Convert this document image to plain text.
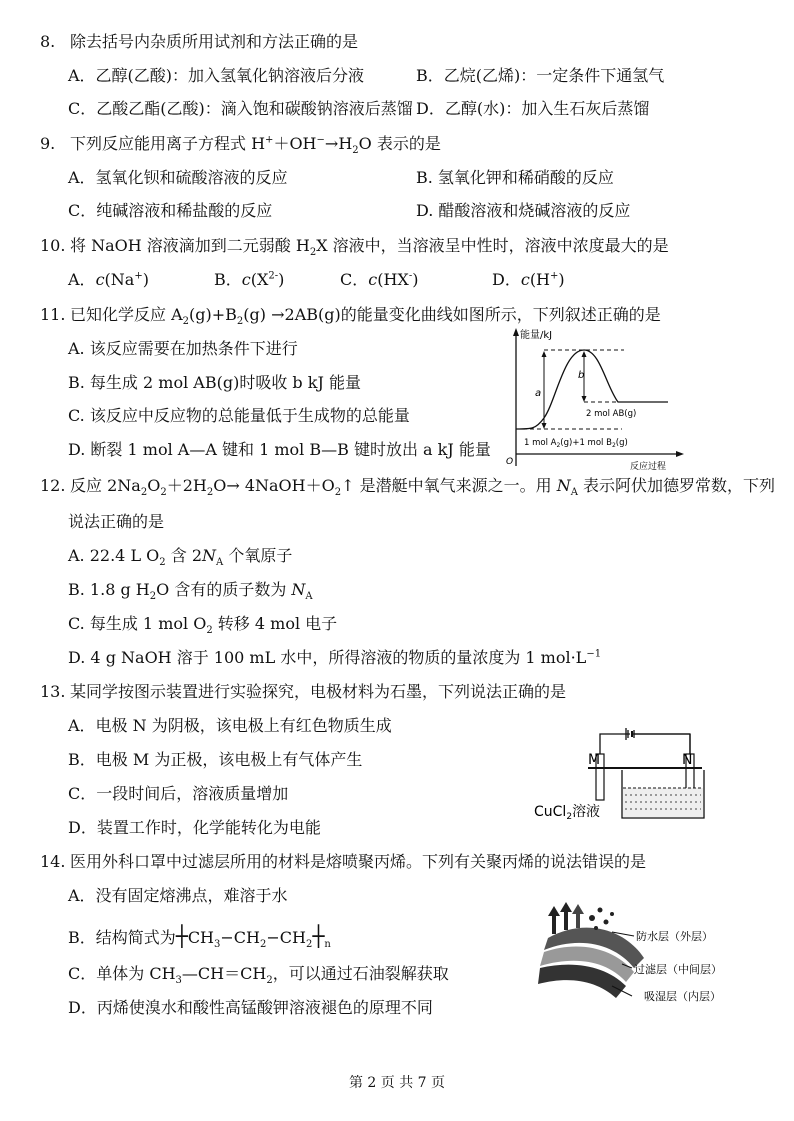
8. 除去括号内杂质所用试剂和方法正确的是
A．乙醇(乙酸)：加入氢氧化钠溶液后分液	B．乙烷(乙烯)：一定条件下通氢气
C．乙酸乙酯(乙酸)：滴入饱和碳酸钠溶液后蒸馏 D．乙醇(水)：加入生石灰后蒸馏
9. 下列反应能用离子方程式 $H^++OH^-\to H_2O$ 表示的是
A．氢氧化钡和硫酸溶液的反应	B. 氢氧化钾和稀硝酸的反应
C．纯碱溶液和稀盐酸的反应	D. 醋酸溶液和烧碱溶液的反应
10. 将 NaOH 溶液滴加到二元弱酸 $H_2X$ 溶液中，当溶液呈中性时，溶液中浓度最大的是
A．c(Na+)	B．$c(X^{2-})$	C．c(HX-)	D．c(H+)
11. 已知化学反应 $A_2(g)+B_2(g) \to 2AB(g)$的能量变化曲线如图所示，下列叙述正确的是
A. 该反应需要在加热条件下进行
B. 每生成 2 mol AB(g)时吸收 b kJ 能量
C. 该反应中反应物的总能量低于生成物的总能量
D. 断裂 1 mol A—A 键和 1 mol B—B 键时放出 a kJ 能量
能量/kJ
反应过程
O
a
b
2 mol AB(g)
1 mol $A_2(g)+1$ mol $B_2(g)$
12. 反应 $2Na_2O_2+2H_2O\to$ $4NaOH+O_2↑$ 是潜艇中氧气来源之一。用 $N_A$ 表示阿伏加德罗常数，下列
说法正确的是
A. 22.4 L $O_2$ 含 $2N_A$ 个氧原子
B. 1.8 g $H_2O$ 含有的质子数为 $N_A$
C. 每生成 1 mol $O_2$ 转移 4 mol 电子
D. 4 g NaOH 溶于 100 mL 水中，所得溶液的物质的量浓度为 1 $mol\cdot L^{-1}$
13. 某同学按图示装置进行实验探究，电极材料为石墨，下列说法正确的是
A．电极 N 为阴极，该电极上有红色物质生成
B．电极 M 为正极，该电极上有气体产生
C．一段时间后，溶液质量增加
D．装置工作时，化学能转化为电能
M	N
CuCl$_2$溶液
14. 医用外科口罩中过滤层所用的材料是熔喷聚丙烯。下列有关聚丙烯的说法错误的是
A．没有固定熔沸点，难溶于水
B．结构简式为$┼CH_3-CH_2-CH_2┼_n$
C．单体为 $CH_3—CH=CH_2$，可以通过石油裂解获取
D．丙烯使溴水和酸性高锰酸钾溶液褪色的原理不同
防水层（外层）
过滤层（中间层）
吸湿层（内层）
第 2 页 共 7 页
